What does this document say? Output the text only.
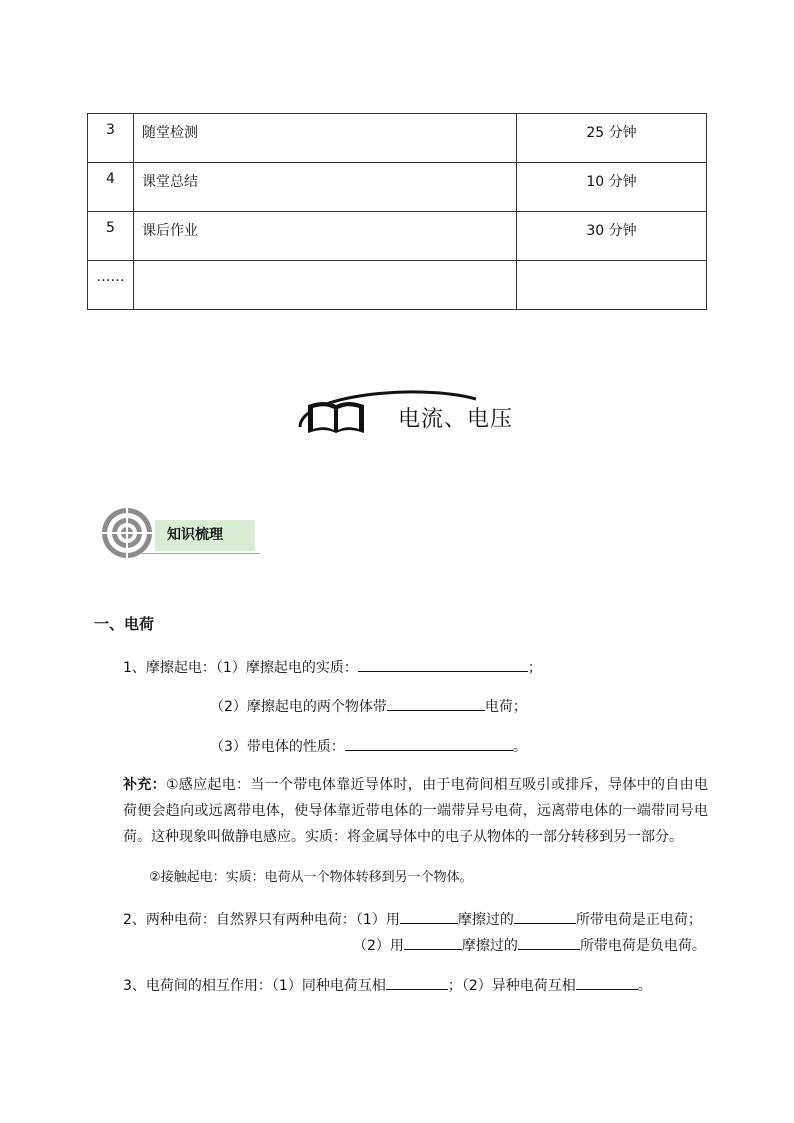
3	随堂检测	25 分钟
4	课堂总结	10 分钟
5	课后作业	30 分钟
……		
电流、电压
知识梳理
一、电荷
1、摩擦起电：（1）摩擦起电的实质：	；
（2）摩擦起电的两个物体带	电荷；
（3）带电体的性质：	。
补充：①感应起电：当一个带电体靠近导体时，由于电荷间相互吸引或排斥，导体中的自由电荷便会趋向或远离带电体，使导体靠近带电体的一端带异号电荷，远离带电体的一端带同号电荷。这种现象叫做静电感应。实质：将金属导体中的电子从物体的一部分转移到另一部分。
②接触起电：实质：电荷从一个物体转移到另一个物体。
2、两种电荷：自然界只有两种电荷：（1）用	摩擦过的	所带电荷是正电荷；
（2）用	摩擦过的	所带电荷是负电荷。
3、电荷间的相互作用：（1）同种电荷互相	；（2）异种电荷互相	。
